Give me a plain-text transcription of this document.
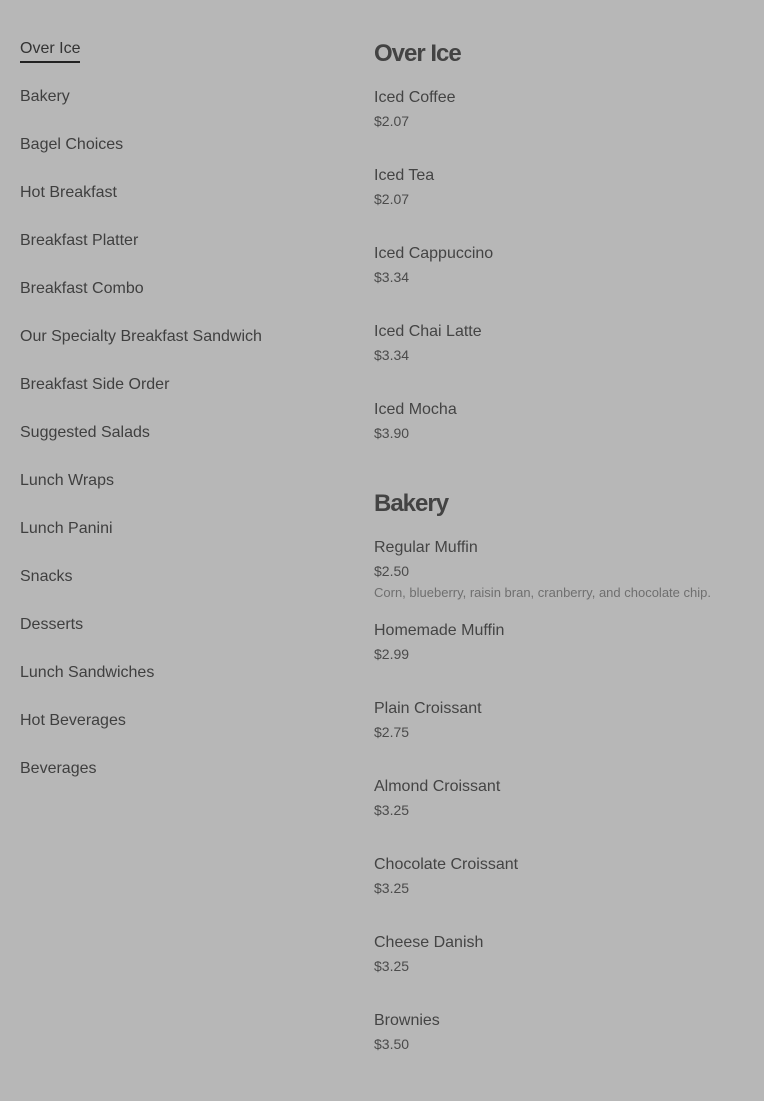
Over Ice
Bakery
Bagel Choices
Hot Breakfast
Breakfast Platter
Breakfast Combo
Our Specialty Breakfast Sandwich
Breakfast Side Order
Suggested Salads
Lunch Wraps
Lunch Panini
Snacks
Desserts
Lunch Sandwiches
Hot Beverages
Beverages
Over Ice
Iced Coffee
$2.07
Iced Tea
$2.07
Iced Cappuccino
$3.34
Iced Chai Latte
$3.34
Iced Mocha
$3.90
Bakery
Regular Muffin
$2.50
Corn, blueberry, raisin bran, cranberry, and chocolate chip.
Homemade Muffin
$2.99
Plain Croissant
$2.75
Almond Croissant
$3.25
Chocolate Croissant
$3.25
Cheese Danish
$3.25
Brownies
$3.50
